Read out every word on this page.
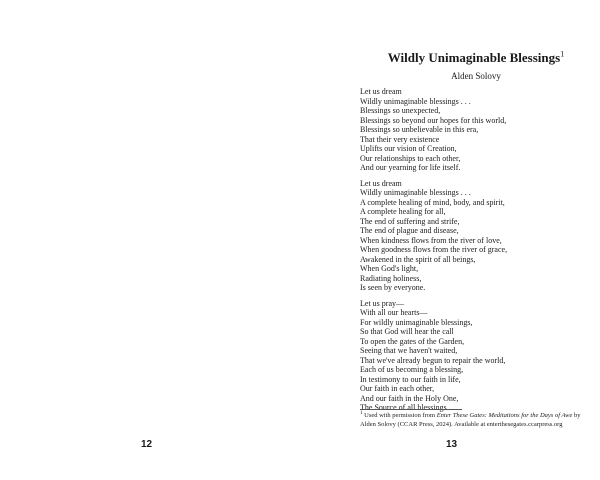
12
Wildly Unimaginable Blessings$^1$
Alden Solovy
Let us dream
Wildly unimaginable blessings . . .
Blessings so unexpected,
Blessings so beyond our hopes for this world,
Blessings so unbelievable in this era,
That their very existence
Uplifts our vision of Creation,
Our relationships to each other,
And our yearning for life itself.
Let us dream
Wildly unimaginable blessings . . .
A complete healing of mind, body, and spirit,
A complete healing for all,
The end of suffering and strife,
The end of plague and disease,
When kindness flows from the river of love,
When goodness flows from the river of grace,
Awakened in the spirit of all beings,
When God's light,
Radiating holiness,
Is seen by everyone.
Let us pray—
With all our hearts—
For wildly unimaginable blessings,
So that God will hear the call
To open the gates of the Garden,
Seeing that we haven't waited,
That we've already begun to repair the world,
Each of us becoming a blessing,
In testimony to our faith in life,
Our faith in each other,
And our faith in the Holy One,
The Source of all blessings.
$^1$ Used with permission from Enter These Gates: Meditations for the Days of Awe by Alden Solovy (CCAR Press, 2024). Available at enterthesegates.ccarpress.org
13
